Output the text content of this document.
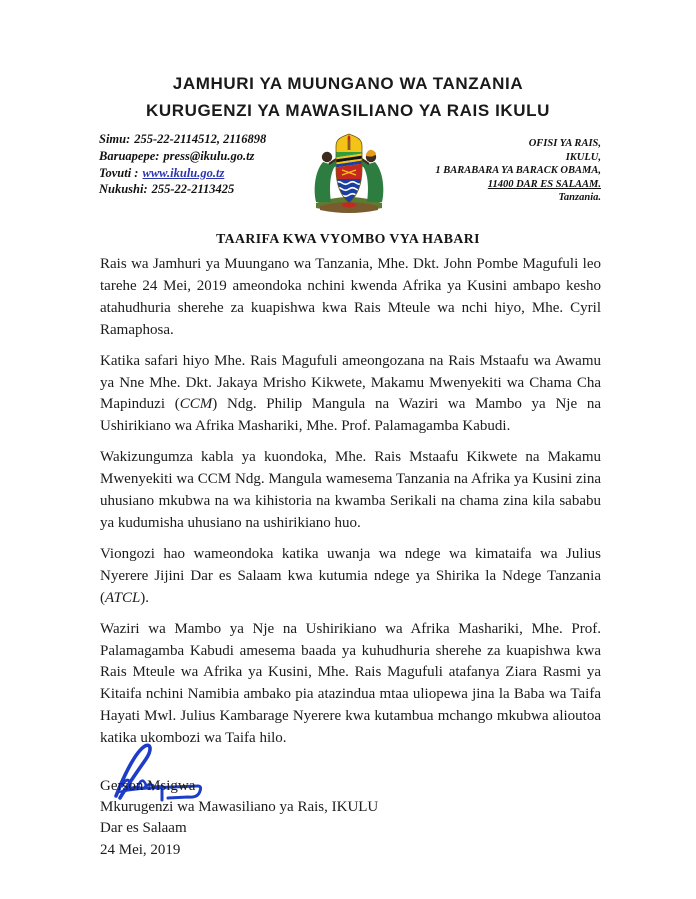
JAMHURI YA MUUNGANO WA TANZANIA
KURUGENZI YA MAWASILIANO YA RAIS IKULU
Simu: 255-22-2114512, 2116898
Baruapepe: press@ikulu.go.tz
Tovuti : www.ikulu.go.tz
Nukushi: 255-22-2113425
OFISI YA RAIS,
IKULU,
1 BARABARA YA BARACK OBAMA,
11400 DAR ES SALAAM.
Tanzania.
TAARIFA KWA VYOMBO VYA HABARI

Rais wa Jamhuri ya Muungano wa Tanzania, Mhe. Dkt. John Pombe Magufuli leo tarehe 24 Mei, 2019 ameondoka nchini kwenda Afrika ya Kusini ambapo kesho atahudhuria sherehe za kuapishwa kwa Rais Mteule wa nchi hiyo, Mhe. Cyril Ramaphosa.

Katika safari hiyo Mhe. Rais Magufuli ameongozana na Rais Mstaafu wa Awamu ya Nne Mhe. Dkt. Jakaya Mrisho Kikwete, Makamu Mwenyekiti wa Chama Cha Mapinduzi (CCM) Ndg. Philip Mangula na Waziri wa Mambo ya Nje na Ushirikiano wa Afrika Mashariki, Mhe. Prof. Palamagamba Kabudi.

Wakizungumza kabla ya kuondoka, Mhe. Rais Mstaafu Kikwete na Makamu Mwenyekiti wa CCM Ndg. Mangula wamesema Tanzania na Afrika ya Kusini zina uhusiano mkubwa na wa kihistoria na kwamba Serikali na chama zina kila sababu ya kudumisha uhusiano na ushirikiano huo.

Viongozi hao wameondoka katika uwanja wa ndege wa kimataifa wa Julius Nyerere Jijini Dar es Salaam kwa kutumia ndege ya Shirika la Ndege Tanzania (ATCL).

Waziri wa Mambo ya Nje na Ushirikiano wa Afrika Mashariki, Mhe. Prof. Palamagamba Kabudi amesema baada ya kuhudhuria sherehe za kuapishwa kwa Rais Mteule wa Afrika ya Kusini, Mhe. Rais Magufuli atafanya Ziara Rasmi ya Kitaifa nchini Namibia ambako pia atazindua mtaa uliopewa jina la Baba wa Taifa Hayati Mwl. Julius Kambarage Nyerere kwa kutambua mchango mkubwa alioutoa katika ukombozi wa Taifa hilo.

Gerson Msigwa
Mkurugenzi wa Mawasiliano ya Rais, IKULU
Dar es Salaam
24 Mei, 2019
